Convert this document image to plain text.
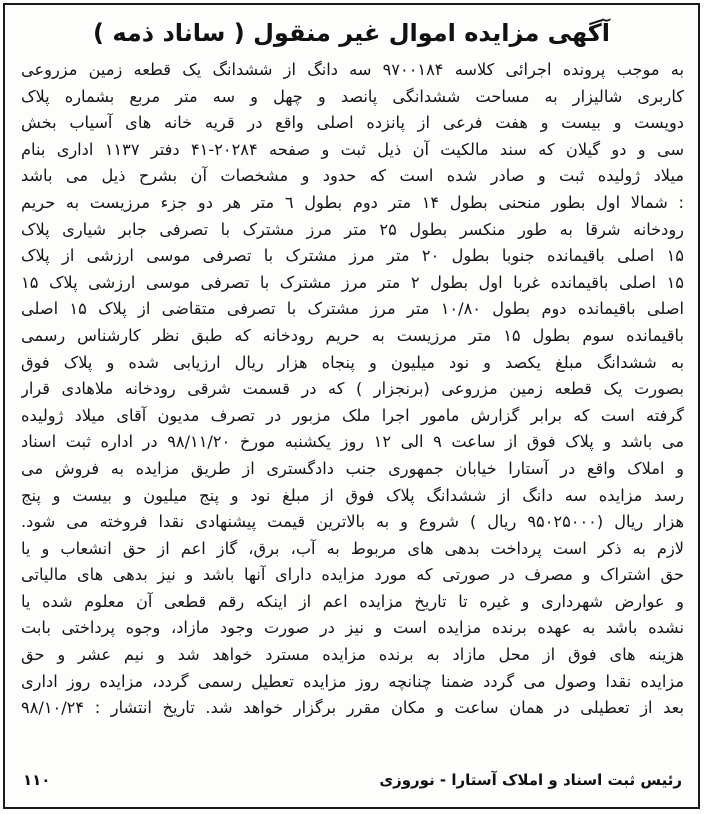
آگهی مزایده اموال غیر منقول ( ساناد ذمه )
به موجب پرونده اجرائی کلاسه ۹۷۰۰۱۸۴ سه دانگ از ششدانگ یک قطعه زمین مزروعی
کاربری شالیزار به مساحت ششدانگی پانصد و چهل و سه متر مربع بشماره پلاک
دویست و بیست و هفت فرعی از پانزده اصلی واقع در قریه خانه های آسیاب بخش
سی و دو گیلان که سند مالکیت آن ذیل ثبت و صفحه ۲۰۲۸۴-۴۱ دفتر ۱۱۳۷ اداری بنام
میلاد ژولیده ثبت و صادر شده است که حدود و مشخصات آن بشرح ذیل می باشد
: شمالا اول بطور منحنی بطول ۱۴ متر دوم بطول ٦ متر هر دو جزء مرزیست به حریم
رودخانه شرقا به طور منکسر بطول ۲۵ متر مرز مشترک با تصرفی جابر شیاری پلاک
۱۵ اصلی باقیمانده جنوبا بطول ۲۰ متر مرز مشترک با تصرفی موسی ارزشی از پلاک
۱۵ اصلی باقیمانده غربا اول بطول ۲ متر مرز مشترک با تصرفی موسی ارزشی پلاک ۱۵
اصلی باقیمانده دوم بطول ۱۰/۸۰ متر مرز مشترک با تصرفی متقاضی از پلاک ۱۵ اصلی
باقیمانده سوم بطول ۱۵ متر مرزیست به حریم رودخانه که طبق نظر کارشناس رسمی
به ششدانگ مبلغ یکصد و نود میلیون و پنجاه هزار ریال ارزیابی شده و پلاک فوق
بصورت یک قطعه زمین مزروعی (برنجزار ) که در قسمت شرقی رودخانه ملاهادی قرار
گرفته است که برابر گزارش مامور اجرا ملک مزبور در تصرف مدیون آقای میلاد ژولیده
می باشد و پلاک فوق از ساعت ۹ الی ۱۲ روز یکشنبه مورخ ۹۸/۱۱/۲۰ در اداره ثبت اسناد
و املاک واقع در آستارا خیابان جمهوری جنب دادگستری از طریق مزایده به فروش می
رسد مزایده سه دانگ از ششدانگ پلاک فوق از مبلغ نود و پنج میلیون و بیست و پنج
هزار ریال (۹۵۰۲۵۰۰۰ ریال ) شروع و به بالاترین قیمت پیشنهادی نقدا فروخته می شود.
لازم به ذکر است پرداخت بدهی های مربوط به آب، برق، گاز اعم از حق انشعاب و یا
حق اشتراک و مصرف در صورتی که مورد مزایده دارای آنها باشد و نیز بدهی های مالیاتی
و عوارض شهرداری و غیره تا تاریخ مزایده اعم از اینکه رقم قطعی آن معلوم شده یا
نشده باشد به عهده برنده مزایده است و نیز در صورت وجود مازاد، وجوه پرداختی بابت
هزینه های فوق از محل مازاد به برنده مزایده مسترد خواهد شد و نیم عشر و حق
مزایده نقدا وصول می گردد ضمنا چنانچه روز مزایده تعطیل رسمی گردد، مزایده روز اداری
بعد از تعطیلی در همان ساعت و مکان مقرر برگزار خواهد شد. تاریخ انتشار : ۹۸/۱۰/۲۴
رئیس ثبت اسناد و املاک آستارا - نوروزی
۱۱۰
